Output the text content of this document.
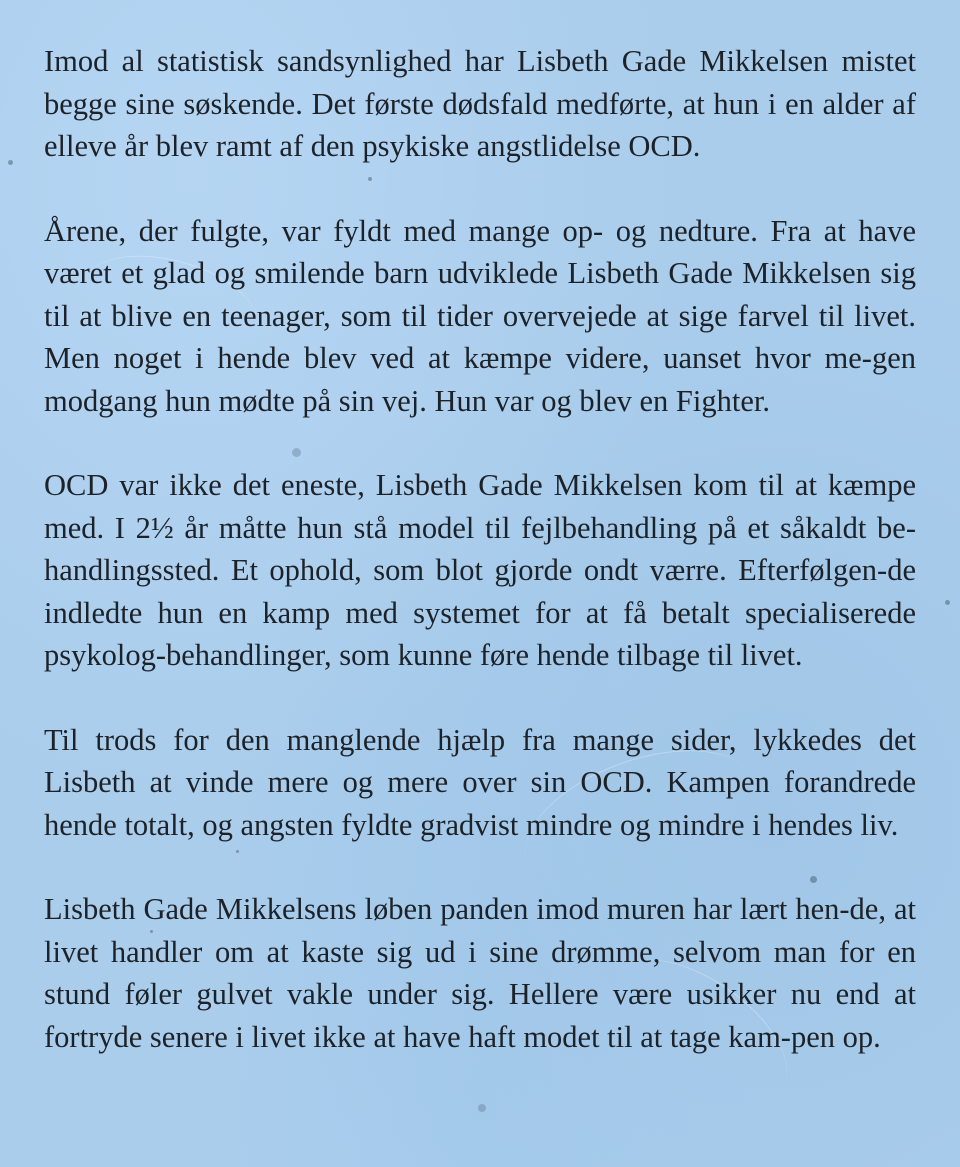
Imod al statistisk sandsynlighed har Lisbeth Gade Mikkelsen mistet begge sine søskende. Det første dødsfald medførte, at hun i en alder af elleve år blev ramt af den psykiske angstlidelse OCD.

Årene, der fulgte, var fyldt med mange op- og nedture. Fra at have været et glad og smilende barn udviklede Lisbeth Gade Mikkelsen sig til at blive en teenager, som til tider overvejede at sige farvel til livet. Men noget i hende blev ved at kæmpe videre, uanset hvor me-gen modgang hun mødte på sin vej. Hun var og blev en Fighter.

OCD var ikke det eneste, Lisbeth Gade Mikkelsen kom til at kæmpe med. I 2½ år måtte hun stå model til fejlbehandling på et såkaldt be-handlingssted. Et ophold, som blot gjorde ondt værre. Efterfølgen-de indledte hun en kamp med systemet for at få betalt specialiserede psykolog-behandlinger, som kunne føre hende tilbage til livet.

Til trods for den manglende hjælp fra mange sider, lykkedes det Lisbeth at vinde mere og mere over sin OCD. Kampen forandrede hende totalt, og angsten fyldte gradvist mindre og mindre i hendes liv.

Lisbeth Gade Mikkelsens løben panden imod muren har lært hen-de, at livet handler om at kaste sig ud i sine drømme, selvom man for en stund føler gulvet vakle under sig. Hellere være usikker nu end at fortryde senere i livet ikke at have haft modet til at tage kam-pen op.
